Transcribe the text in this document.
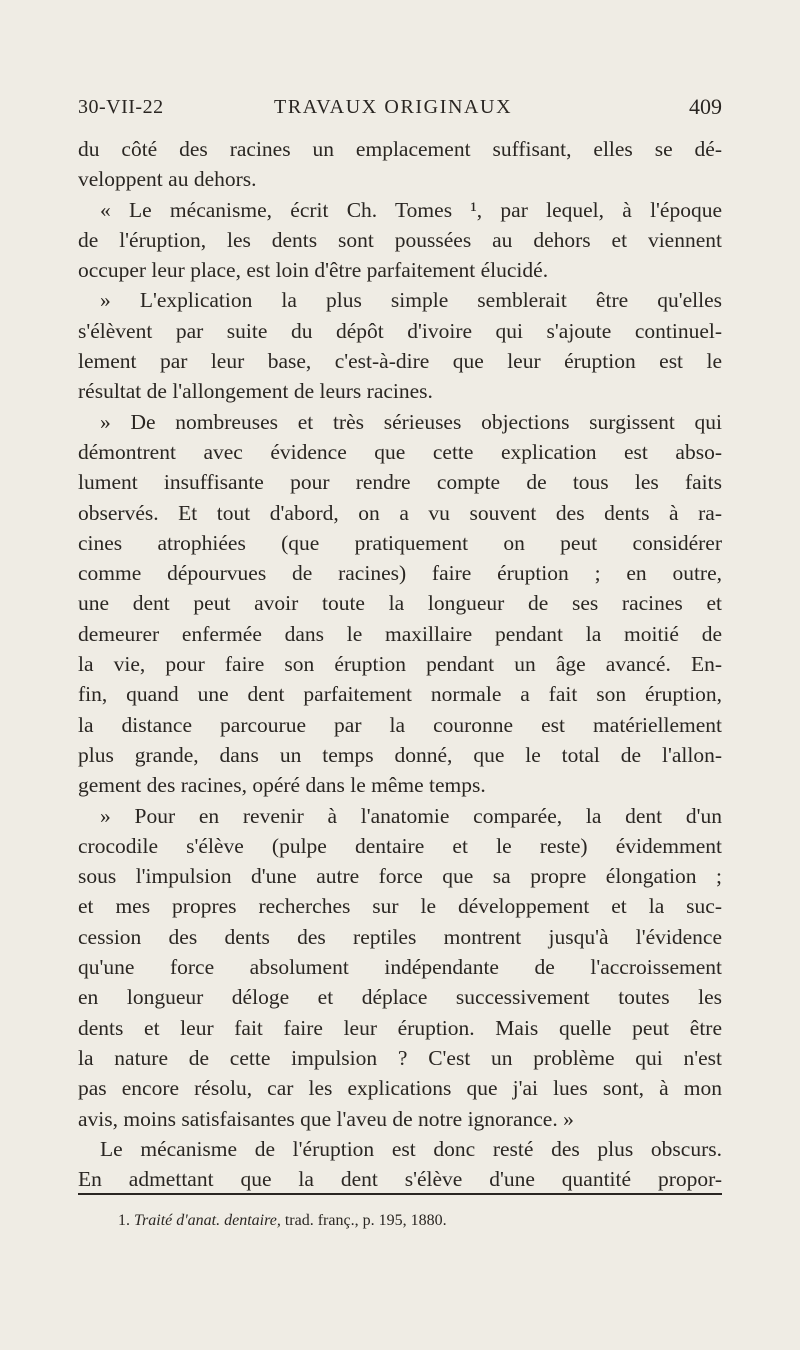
30-VII-22	TRAVAUX ORIGINAUX	409
du côté des racines un emplacement suffisant, elles se dé-
veloppent au dehors.
« Le mécanisme, écrit Ch. Tomes ¹, par lequel, à l'époque
de l'éruption, les dents sont poussées au dehors et viennent
occuper leur place, est loin d'être parfaitement élucidé.
» L'explication la plus simple semblerait être qu'elles
s'élèvent par suite du dépôt d'ivoire qui s'ajoute continuel-
lement par leur base, c'est-à-dire que leur éruption est le
résultat de l'allongement de leurs racines.
» De nombreuses et très sérieuses objections surgissent qui
démontrent avec évidence que cette explication est abso-
lument insuffisante pour rendre compte de tous les faits
observés. Et tout d'abord, on a vu souvent des dents à ra-
cines atrophiées (que pratiquement on peut considérer
comme dépourvues de racines) faire éruption ; en outre,
une dent peut avoir toute la longueur de ses racines et
demeurer enfermée dans le maxillaire pendant la moitié de
la vie, pour faire son éruption pendant un âge avancé. En-
fin, quand une dent parfaitement normale a fait son éruption,
la distance parcourue par la couronne est matériellement
plus grande, dans un temps donné, que le total de l'allon-
gement des racines, opéré dans le même temps.
» Pour en revenir à l'anatomie comparée, la dent d'un
crocodile s'élève (pulpe dentaire et le reste) évidemment
sous l'impulsion d'une autre force que sa propre élongation ;
et mes propres recherches sur le développement et la suc-
cession des dents des reptiles montrent jusqu'à l'évidence
qu'une force absolument indépendante de l'accroissement
en longueur déloge et déplace successivement toutes les
dents et leur fait faire leur éruption. Mais quelle peut être
la nature de cette impulsion ? C'est un problème qui n'est
pas encore résolu, car les explications que j'ai lues sont, à mon
avis, moins satisfaisantes que l'aveu de notre ignorance. »
Le mécanisme de l'éruption est donc resté des plus obscurs.
En admettant que la dent s'élève d'une quantité propor-
1. Traité d'anat. dentaire, trad. franç., p. 195, 1880.
